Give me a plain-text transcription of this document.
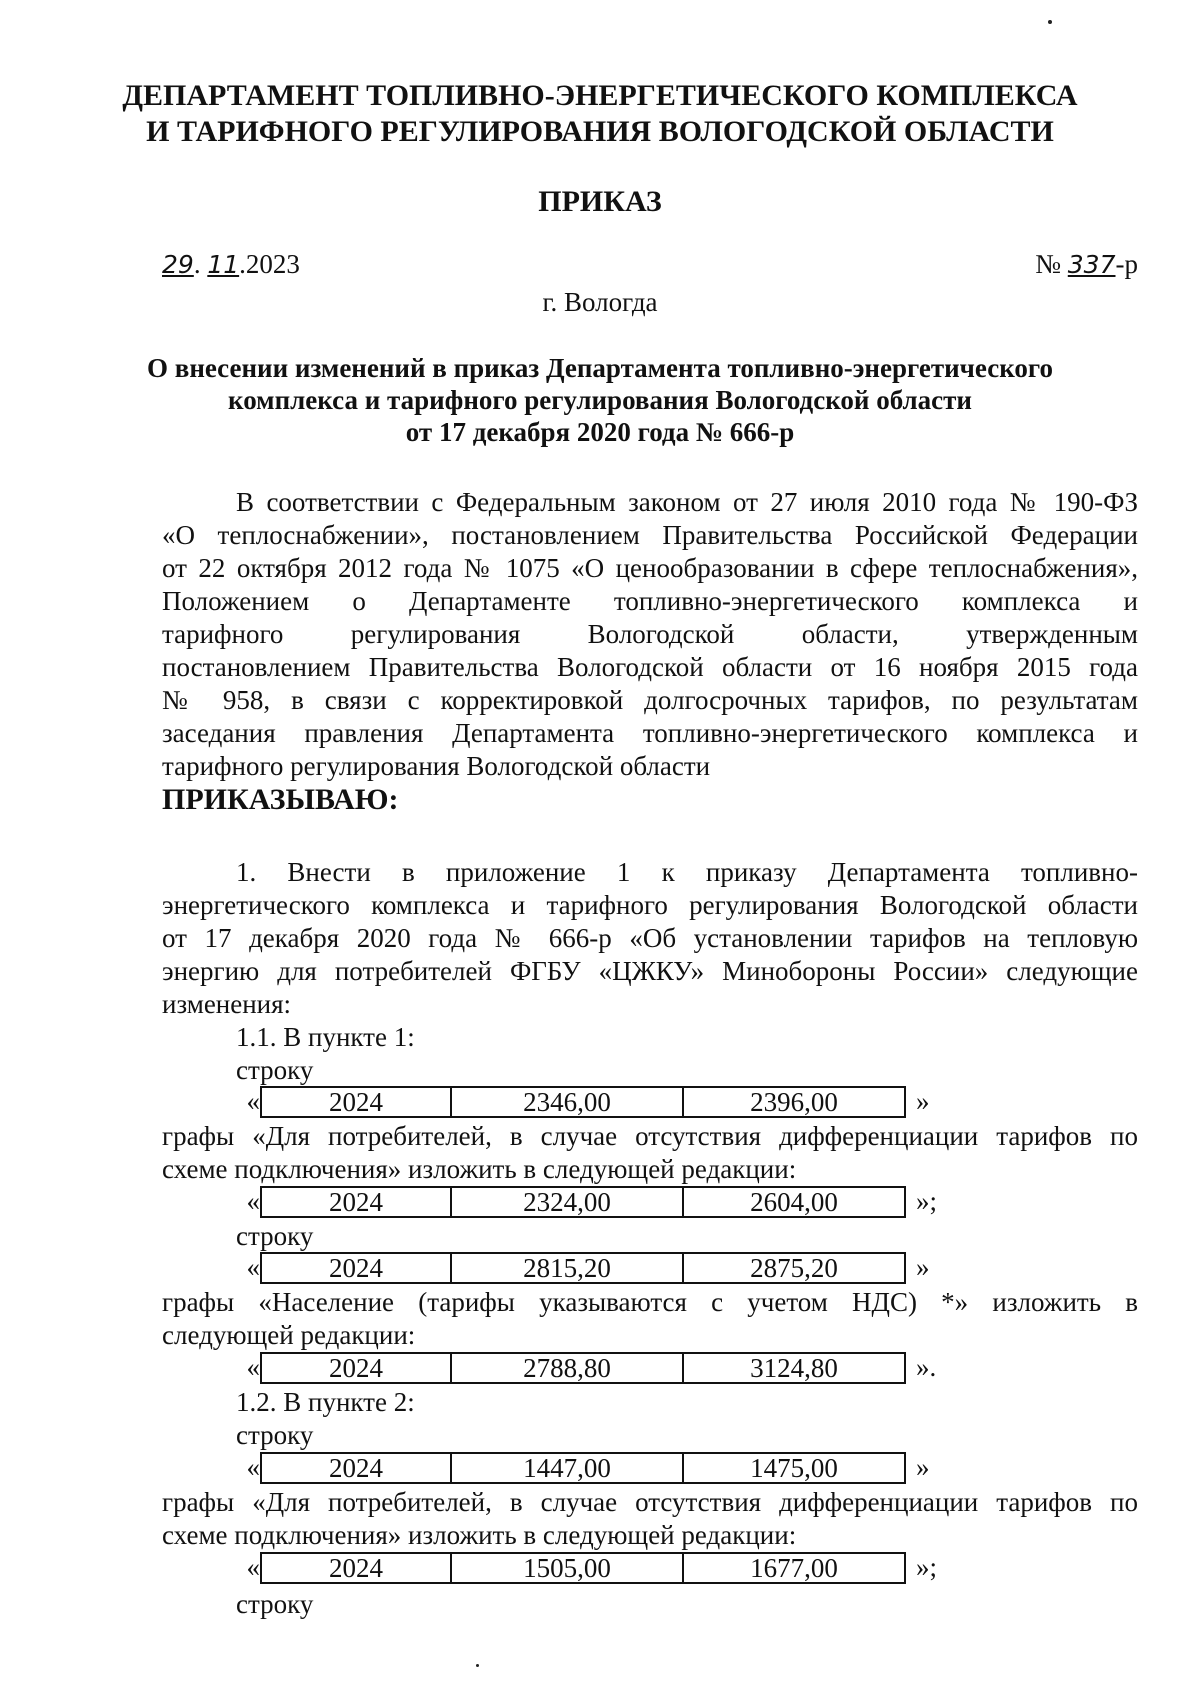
ДЕПАРТАМЕНТ ТОПЛИВНО-ЭНЕРГЕТИЧЕСКОГО КОМПЛЕКСА
И ТАРИФНОГО РЕГУЛИРОВАНИЯ ВОЛОГОДСКОЙ ОБЛАСТИ
ПРИКАЗ
29. 11.2023	№ 337-р
г. Вологда
О внесении изменений в приказ Департамента топливно-энергетического
комплекса и тарифного регулирования Вологодской области
от 17 декабря 2020 года № 666-р
В соответствии с Федеральным законом от 27 июля 2010 года № 190-ФЗ
«О теплоснабжении», постановлением Правительства Российской Федерации
от 22 октября 2012 года № 1075 «О ценообразовании в сфере теплоснабжения»,
Положением о Департаменте топливно-энергетического комплекса и
тарифного регулирования Вологодской области, утвержденным
постановлением Правительства Вологодской области от 16 ноября 2015 года
№ 958, в связи с корректировкой долгосрочных тарифов, по результатам
заседания правления Департамента топливно-энергетического комплекса и
тарифного регулирования Вологодской области
ПРИКАЗЫВАЮ:
1. Внести в приложение 1 к приказу Департамента топливно-
энергетического комплекса и тарифного регулирования Вологодской области
от 17 декабря 2020 года № 666-р «Об установлении тарифов на тепловую
энергию для потребителей ФГБУ «ЦЖКУ» Минобороны России» следующие
изменения:
1.1. В пункте 1:
строку
«	2024	2346,00	2396,00	»
графы «Для потребителей, в случае отсутствия дифференциации тарифов по
схеме подключения» изложить в следующей редакции:
«	2024	2324,00	2604,00	»;
строку
«	2024	2815,20	2875,20	»
графы «Население (тарифы указываются с учетом НДС) *» изложить в
следующей редакции:
«	2024	2788,80	3124,80	».
1.2. В пункте 2:
строку
«	2024	1447,00	1475,00	»
графы «Для потребителей, в случае отсутствия дифференциации тарифов по
схеме подключения» изложить в следующей редакции:
«	2024	1505,00	1677,00	»;
строку
